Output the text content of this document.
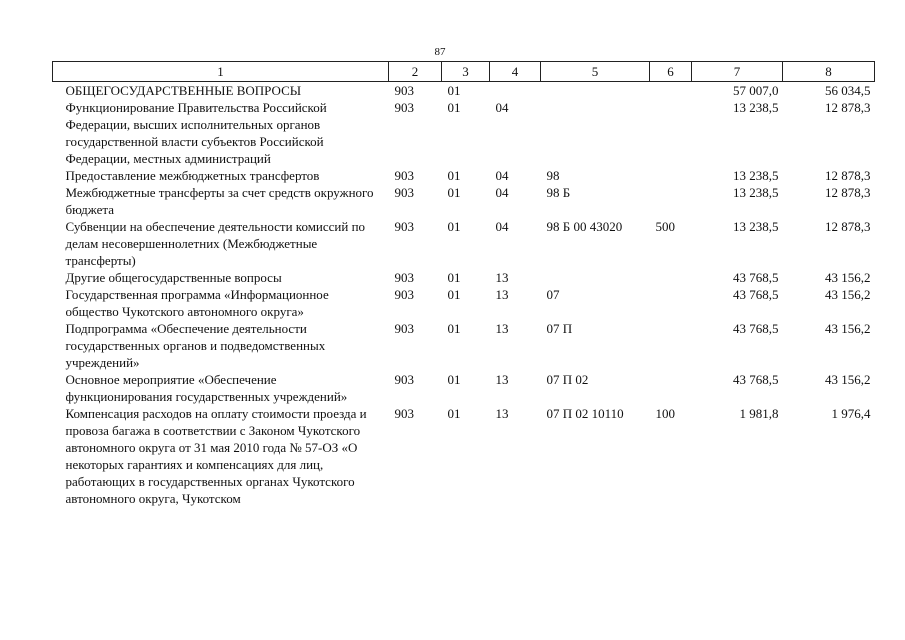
87
1	2	3	4	5	6	7	8
ОБЩЕГОСУДАРСТВЕННЫЕ ВОПРОСЫ	903	01				57 007,0	56 034,5
Функционирование Правительства Российской Федерации, высших исполнительных органов государственной власти субъектов Российской Федерации, местных администраций	903	01	04			13 238,5	12 878,3
Предоставление межбюджетных трансфертов	903	01	04	98		13 238,5	12 878,3
Межбюджетные трансферты за счет средств окружного бюджета	903	01	04	98 Б		13 238,5	12 878,3
Субвенции на обеспечение деятельности комиссий по делам несовершеннолетних (Межбюджетные трансферты)	903	01	04	98 Б 00 43020	500	13 238,5	12 878,3
Другие общегосударственные вопросы	903	01	13			43 768,5	43 156,2
Государственная программа «Информационное общество Чукотского автономного округа»	903	01	13	07		43 768,5	43 156,2
Подпрограмма «Обеспечение деятельности государственных органов и подведомственных учреждений»	903	01	13	07 П		43 768,5	43 156,2
Основное мероприятие «Обеспечение функционирования государственных учреждений»	903	01	13	07 П 02		43 768,5	43 156,2
Компенсация расходов на оплату стоимости проезда и провоза багажа в соответствии с Законом Чукотского автономного округа от 31 мая 2010 года № 57-ОЗ «О некоторых гарантиях и компенсациях для лиц, работающих в государственных органах Чукотского автономного округа, Чукотском	903	01	13	07 П 02 10110	100	1 981,8	1 976,4
